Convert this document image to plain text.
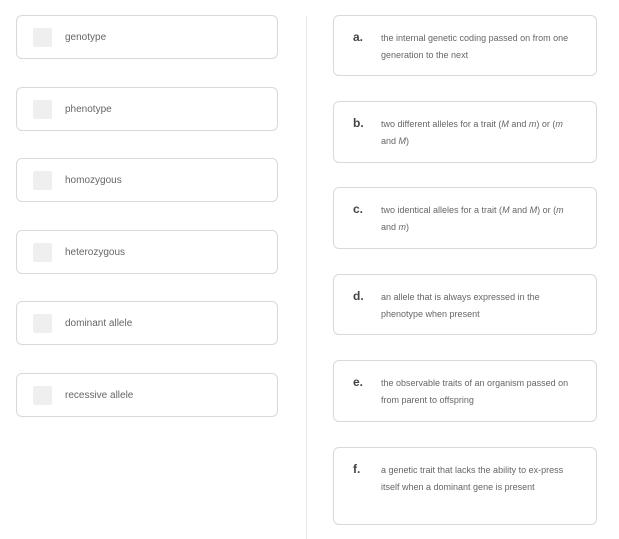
genotype
phenotype
homozygous
heterozygous
dominant allele
recessive allele
a. the internal genetic coding passed on from one generation to the next
b. two different alleles for a trait (M and m) or (m and M)
c. two identical alleles for a trait (M and M) or (m and m)
d. an allele that is always expressed in the phenotype when present
e. the observable traits of an organism passed on from parent to offspring
f. a genetic trait that lacks the ability to ex-press itself when a dominant gene is present
